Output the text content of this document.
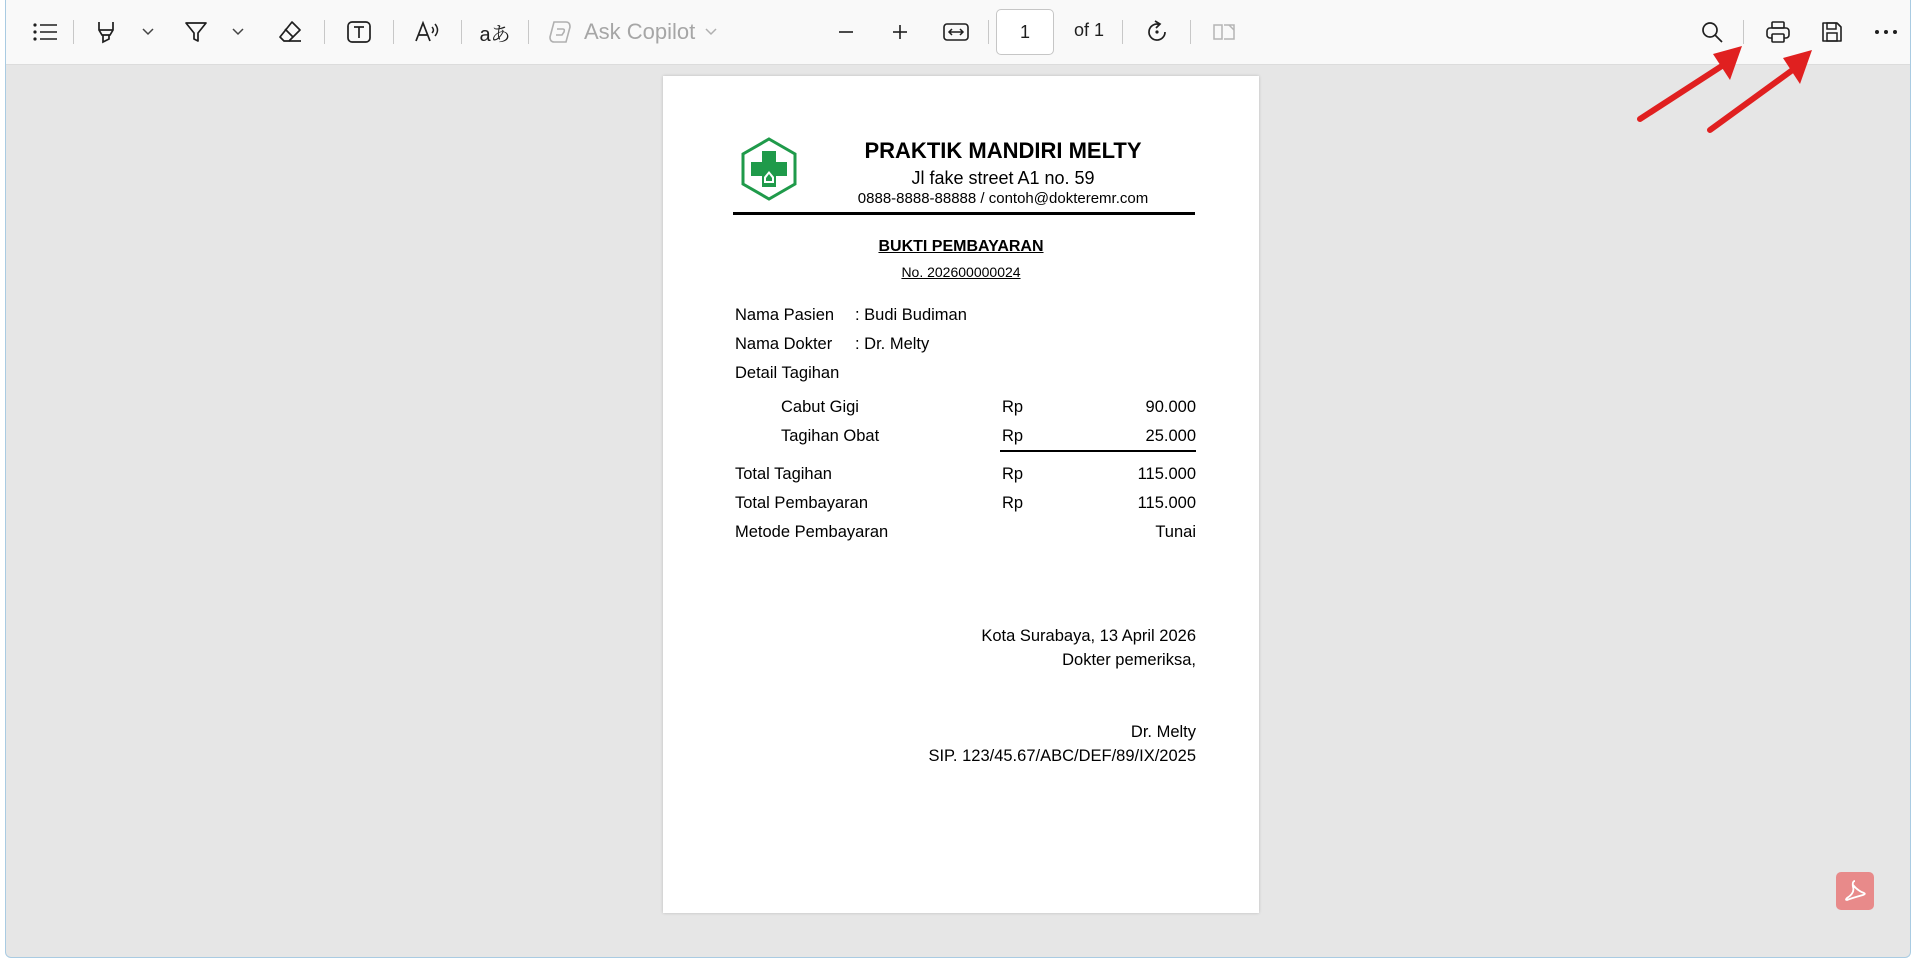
aあ	Ask Copilot	1 of 1
PRAKTIK MANDIRI MELTY
Jl fake street A1 no. 59
0888-8888-88888 / contoh@dokteremr.com
BUKTI PEMBAYARAN
No. 202600000024
Nama Pasien : Budi Budiman
Nama Dokter : Dr. Melty
Detail Tagihan
Cabut Gigi	Rp	90.000
Tagihan Obat	Rp	25.000
Total Tagihan	Rp	115.000
Total Pembayaran	Rp	115.000
Metode Pembayaran	Tunai
Kota Surabaya, 13 April 2026
Dokter pemeriksa,
Dr. Melty
SIP. 123/45.67/ABC/DEF/89/IX/2025
